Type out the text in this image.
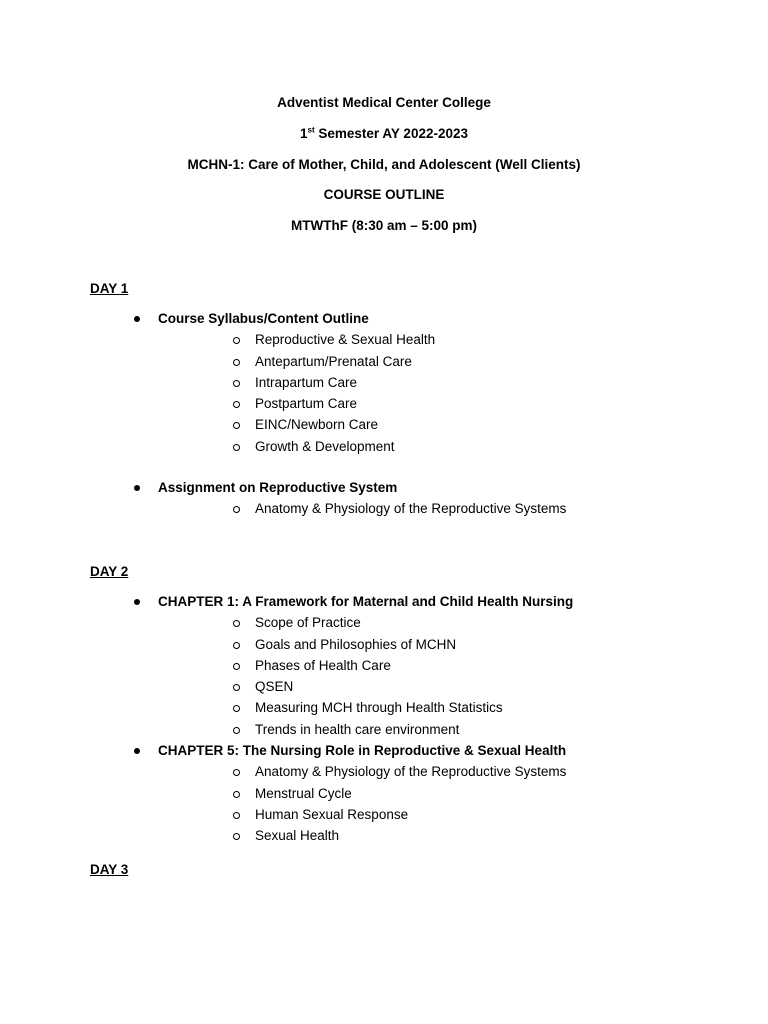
Adventist Medical Center College
1st Semester AY 2022-2023
MCHN-1: Care of Mother, Child, and Adolescent (Well Clients)
COURSE OUTLINE
MTWThF (8:30 am – 5:00 pm)
DAY 1
Course Syllabus/Content Outline
Reproductive & Sexual Health
Antepartum/Prenatal Care
Intrapartum Care
Postpartum Care
EINC/Newborn Care
Growth & Development
Assignment on Reproductive System
Anatomy & Physiology of the Reproductive Systems
DAY 2
CHAPTER 1: A Framework for Maternal and Child Health Nursing
Scope of Practice
Goals and Philosophies of MCHN
Phases of Health Care
QSEN
Measuring MCH through Health Statistics
Trends in health care environment
CHAPTER 5: The Nursing Role in Reproductive & Sexual Health
Anatomy & Physiology of the Reproductive Systems
Menstrual Cycle
Human Sexual Response
Sexual Health
DAY 3
